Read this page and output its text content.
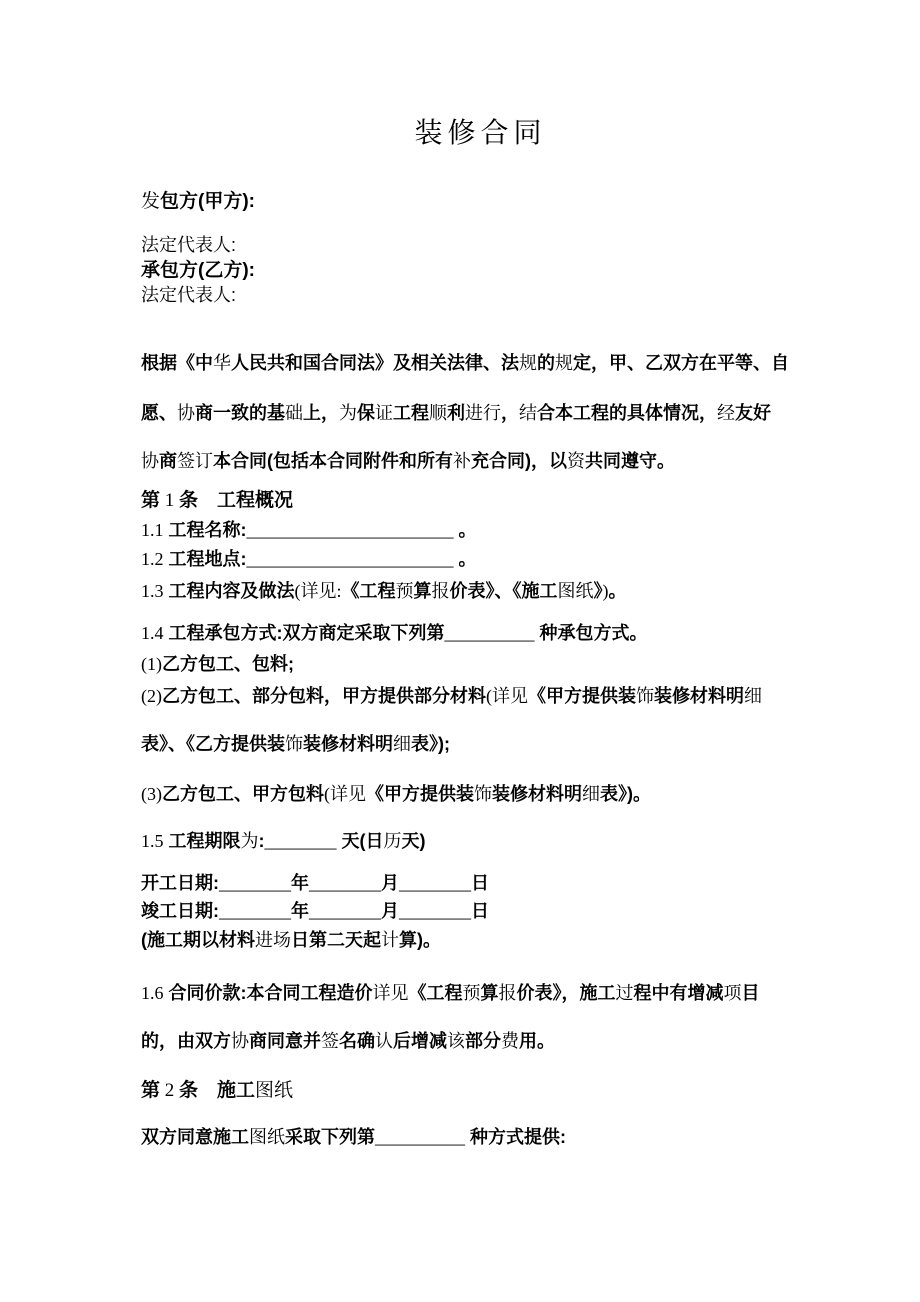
装修合同
发包方(甲方):
法定代表人:
承包方(乙方):
法定代表人:
根据《中华人民共和国合同法》及相关法律、法规的规定，甲、乙双方在平等、自
愿、协商一致的基础上，为保证工程顺利进行，结合本工程的具体情况，经友好
协商签订本合同(包括本合同附件和所有补充合同)，以资共同遵守。
第 1 条　工程概况
1.1 工程名称:_______________________ 。
1.2 工程地点:_______________________ 。
1.3 工程内容及做法(详见:《工程预算报价表》、《施工图纸》)。
1.4 工程承包方式:双方商定采取下列第__________ 种承包方式。
(1)乙方包工、包料;
(2)乙方包工、部分包料，甲方提供部分材料(详见《甲方提供装饰装修材料明细
表》、《乙方提供装饰装修材料明细表》);
(3)乙方包工、甲方包料(详见《甲方提供装饰装修材料明细表》)。
1.5 工程期限为:________ 天(日历天)
开工日期:________年________月________日
竣工日期:________年________月________日
(施工期以材料进场日第二天起计算)。
1.6 合同价款:本合同工程造价详见《工程预算报价表》，施工过程中有增减项目
的，由双方协商同意并签名确认后增减该部分费用。
第 2 条　施工图纸
双方同意施工图纸采取下列第__________ 种方式提供:
